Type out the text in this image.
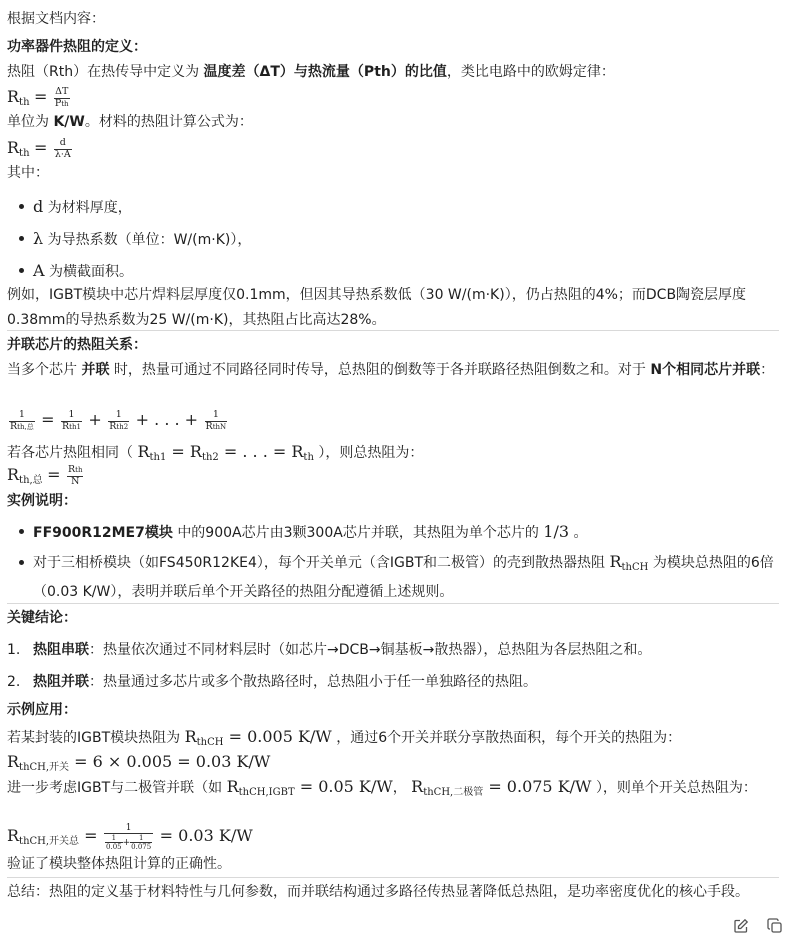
根据文档内容：
功率器件热阻的定义：
热阻（Rth）在热传导中定义为 温度差（ΔT）与热流量（Pth）的比值，类比电路中的欧姆定律：
$R_{th} = \frac{\Delta T}{\text{Pth}}$
单位为 K/W。材料的热阻计算公式为：
$R_{th} = \frac{d}{\lambda\cdot A}$
其中：
d 为材料厚度，
λ 为导热系数（单位：W/(m·K)），
A 为横截面积。
例如，IGBT模块中芯片焊料层厚度仅0.1mm，但因其导热系数低（30 W/(m·K)），仍占热阻的4%；而DCB陶瓷层厚度0.38mm的导热系数为25 W/(m·K)，其热阻占比高达28%。
并联芯片的热阻关系：
当多个芯片 并联 时，热量可通过不同路径同时传导，总热阻的倒数等于各并联路径热阻倒数之和。对于 N个相同芯片并联：
$\frac{1}{\text{Rth,总}} = \frac{1}{\text{Rth1}} + \frac{1}{\text{Rth2}}$ + . . . + $\frac{1}{\text{RthN}}$
若各芯片热阻相同（ $R_{th1} = R_{th2}$ = . . . = $R_{th}$ ），则总热阻为：
$R_{th,总} = \frac{\text{Rth}}{N}$
实例说明：
FF900R12ME7模块 中的900A芯片由3颗300A芯片并联，其热阻为单个芯片的 1/3 。
对于三相桥模块（如FS450R12KE4），每个开关单元（含IGBT和二极管）的壳到散热器热阻 $R_{thCH}$ 为模块总热阻的6倍（0.03 K/W），表明并联后单个开关路径的热阻分配遵循上述规则。
关键结论：
1. 热阻串联：热量依次通过不同材料层时（如芯片→DCB→铜基板→散热器），总热阻为各层热阻之和。
2. 热阻并联：热量通过多芯片或多个散热路径时，总热阻小于任一单独路径的热阻。
示例应用：
若某封装的IGBT模块热阻为 $R_{thCH} = 0.005$ K/W ，通过6个开关并联分享散热面积，每个开关的热阻为：
$R_{thCH,开关} = 6 \times 0.005 = 0.03$ K/W
进一步考虑IGBT与二极管并联（如 $R_{thCH,IGBT} = 0.05$ K/W， $R_{thCH,二极管} = 0.075$ K/W ），则单个开关总热阻为：
$R_{thCH,开关总} = \frac{1}{\frac{1}{0.05} + \frac{1}{0.075}} = 0.03$ K/W
验证了模块整体热阻计算的正确性。
总结：热阻的定义基于材料特性与几何参数，而并联结构通过多路径传热显著降低总热阻，是功率密度优化的核心手段。
